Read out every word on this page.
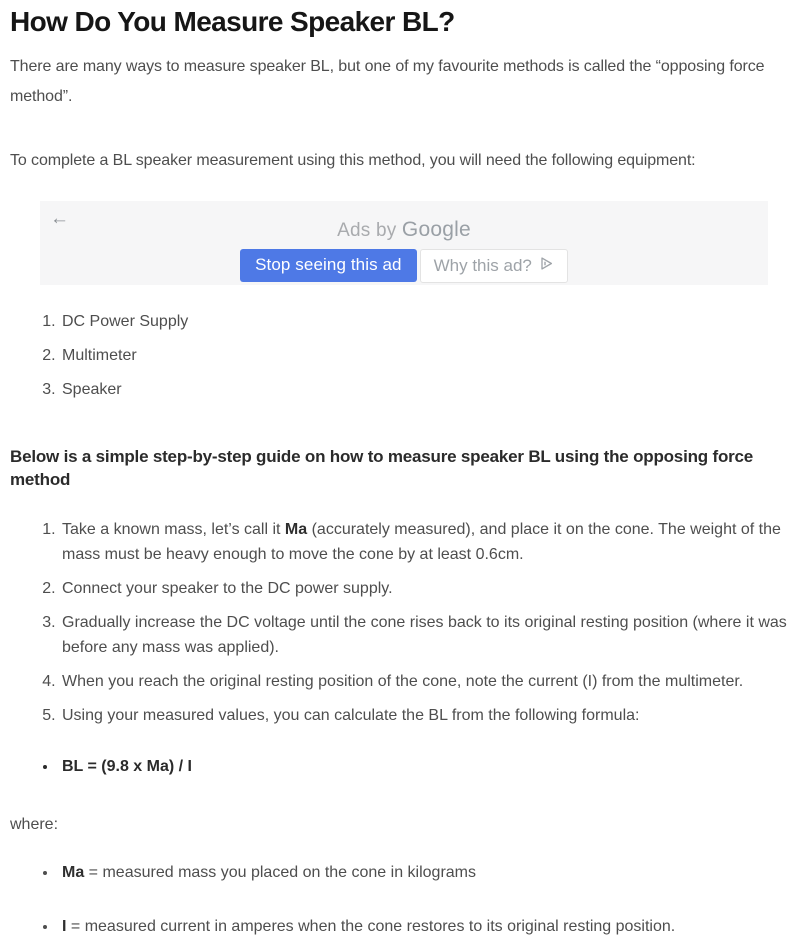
How Do You Measure Speaker BL?

There are many ways to measure speaker BL, but one of my favourite methods is called the “opposing force method”.

To complete a BL speaker measurement using this method, you will need the following equipment:

←
Ads by Google
Stop seeing this ad	Why this ad?
1. DC Power Supply
2. Multimeter
3. Speaker

Below is a simple step-by-step guide on how to measure speaker BL using the opposing force method

1. Take a known mass, let’s call it Ma (accurately measured), and place it on the cone. The weight of the mass must be heavy enough to move the cone by at least 0.6cm.
2. Connect your speaker to the DC power supply.
3. Gradually increase the DC voltage until the cone rises back to its original resting position (where it was before any mass was applied).
4. When you reach the original resting position of the cone, note the current (I) from the multimeter.
5. Using your measured values, you can calculate the BL from the following formula:
• BL = (9.8 x Ma) / I

where:

• Ma = measured mass you placed on the cone in kilograms
• I = measured current in amperes when the cone restores to its original resting position.
